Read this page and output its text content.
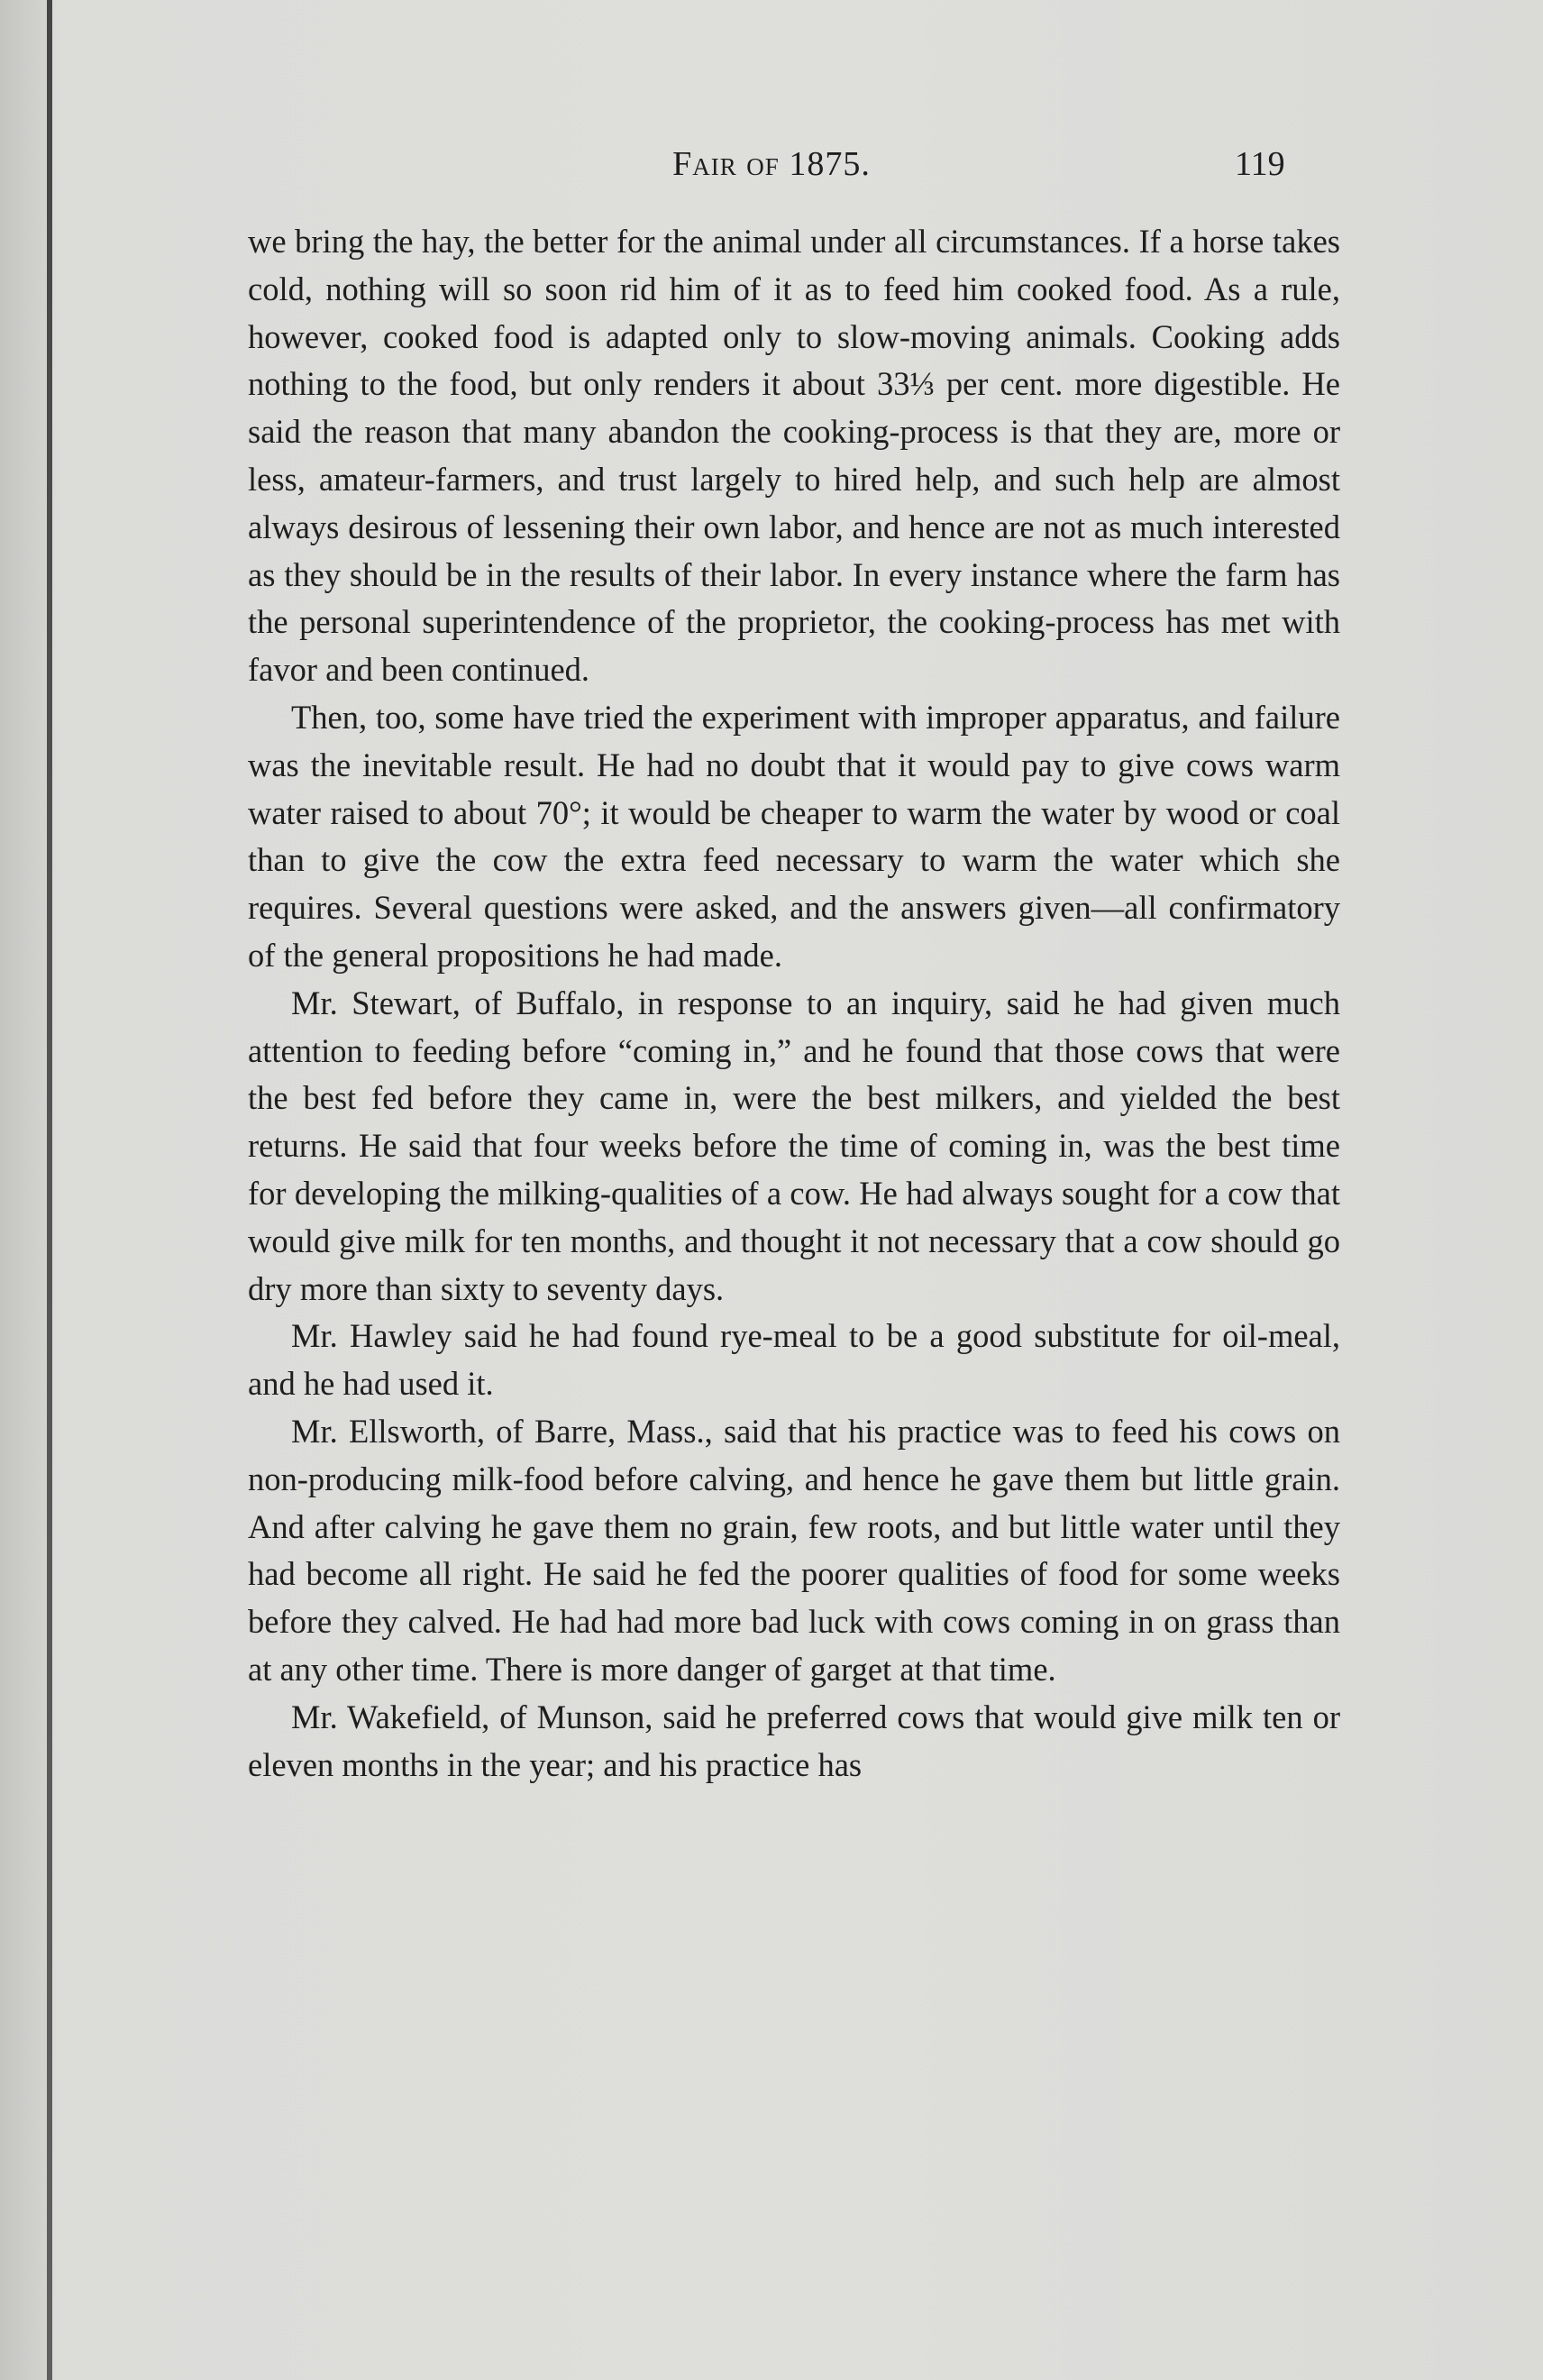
Fair of 1875.	119

we bring the hay, the better for the animal under all circumstances. If a horse takes cold, nothing will so soon rid him of it as to feed him cooked food. As a rule, however, cooked food is adapted only to slow-moving animals. Cooking adds nothing to the food, but only renders it about 33⅓ per cent. more digestible. He said the reason that many abandon the cooking-process is that they are, more or less, amateur-farmers, and trust largely to hired help, and such help are almost always desirous of lessening their own labor, and hence are not as much interested as they should be in the results of their labor. In every instance where the farm has the personal superintendence of the proprietor, the cooking-process has met with favor and been continued.

Then, too, some have tried the experiment with improper apparatus, and failure was the inevitable result. He had no doubt that it would pay to give cows warm water raised to about 70°; it would be cheaper to warm the water by wood or coal than to give the cow the extra feed necessary to warm the water which she requires. Several questions were asked, and the answers given—all confirmatory of the general propositions he had made.

Mr. Stewart, of Buffalo, in response to an inquiry, said he had given much attention to feeding before “coming in,” and he found that those cows that were the best fed before they came in, were the best milkers, and yielded the best returns. He said that four weeks before the time of coming in, was the best time for developing the milking-qualities of a cow. He had always sought for a cow that would give milk for ten months, and thought it not necessary that a cow should go dry more than sixty to seventy days.

Mr. Hawley said he had found rye-meal to be a good substitute for oil-meal, and he had used it.

Mr. Ellsworth, of Barre, Mass., said that his practice was to feed his cows on non-producing milk-food before calving, and hence he gave them but little grain. And after calving he gave them no grain, few roots, and but little water until they had become all right. He said he fed the poorer qualities of food for some weeks before they calved. He had had more bad luck with cows coming in on grass than at any other time. There is more danger of garget at that time.

Mr. Wakefield, of Munson, said he preferred cows that would give milk ten or eleven months in the year; and his practice has
